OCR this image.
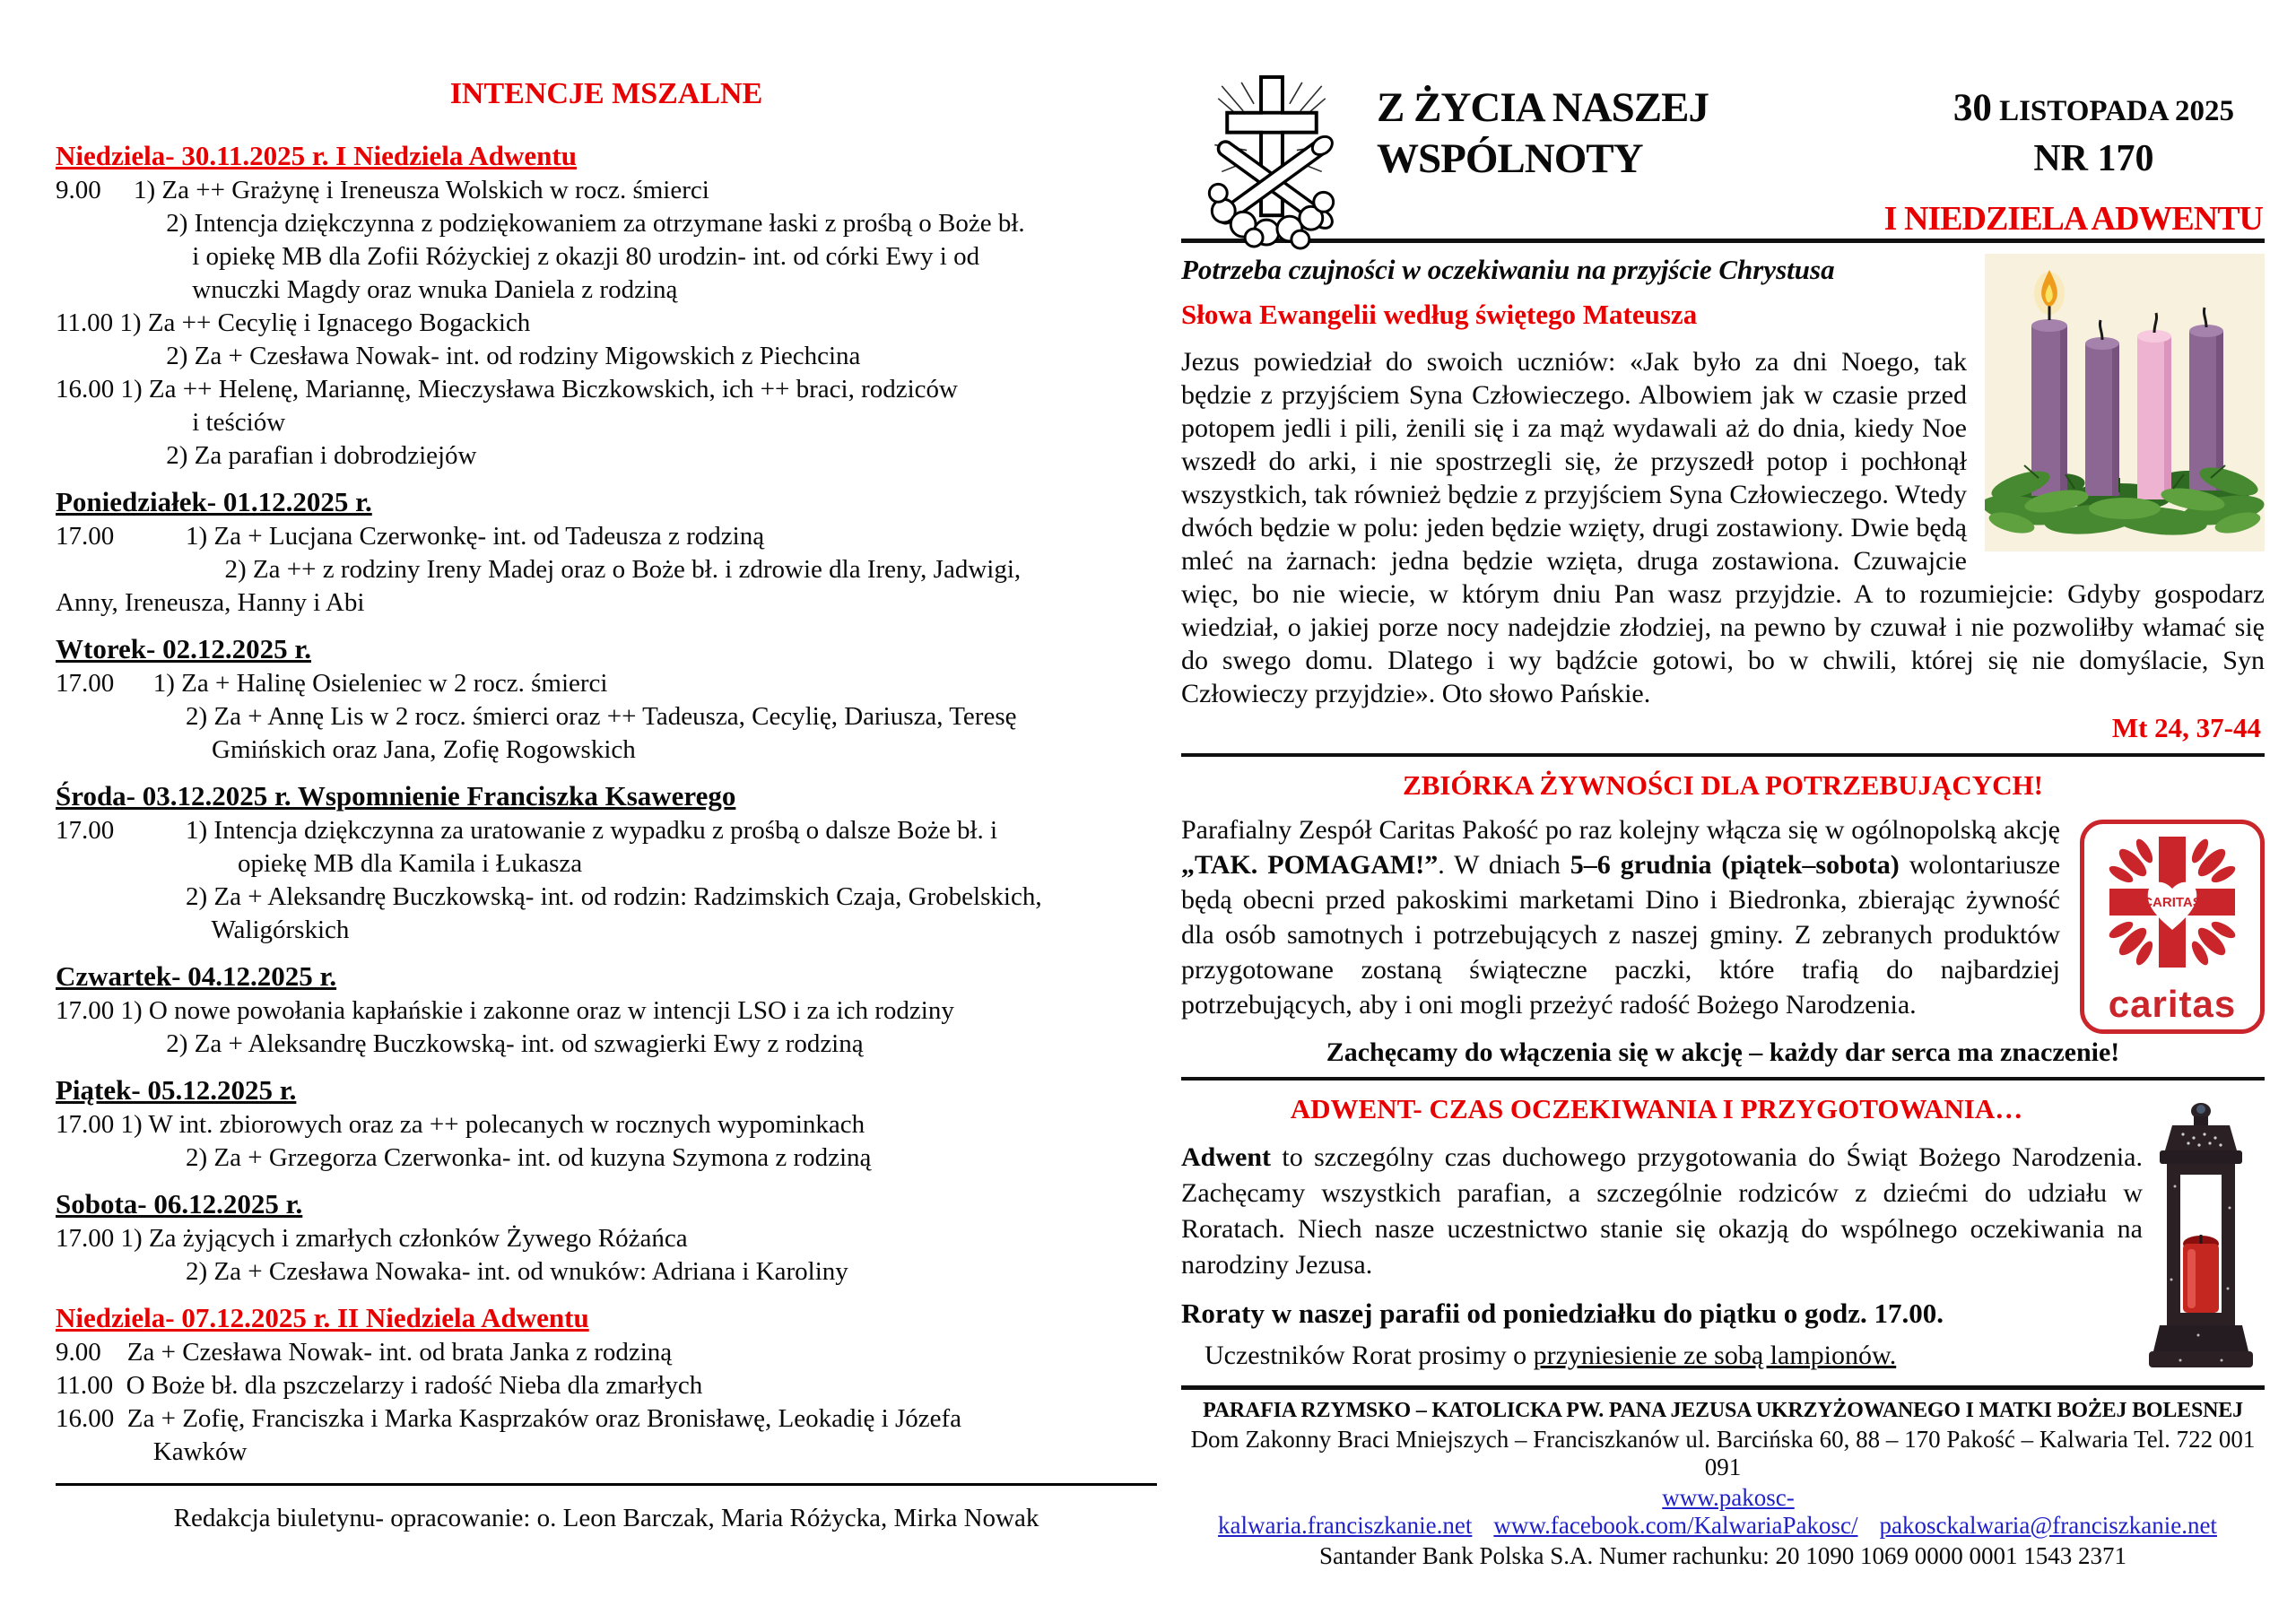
INTENCJE MSZALNE
Niedziela- 30.11.2025 r. I Niedziela Adwentu
9.00     1) Za ++ Grażynę i Ireneusza Wolskich w rocz. śmierci
2) Intencja dziękczynna z podziękowaniem za otrzymane łaski z prośbą o Boże bł.
i opiekę MB dla Zofii Różyckiej z okazji 80 urodzin- int. od córki Ewy i od
wnuczki Magdy oraz wnuka Daniela z rodziną
11.00 1) Za ++ Cecylię i Ignacego Bogackich
2) Za + Czesława Nowak- int. od rodziny Migowskich z Piechcina
16.00 1) Za ++ Helenę, Mariannę, Mieczysława Biczkowskich, ich ++ braci, rodziców
i teściów
2) Za parafian i dobrodziejów
Poniedziałek- 01.12.2025 r.
17.00           1) Za + Lucjana Czerwonkę- int. od Tadeusza z rodziną
2) Za ++ z rodziny Ireny Madej oraz o Boże bł. i zdrowie dla Ireny, Jadwigi,
Anny, Ireneusza, Hanny i Abi
Wtorek- 02.12.2025 r.
17.00      1) Za + Halinę Osieleniec w 2 rocz. śmierci
2) Za + Annę Lis w 2 rocz. śmierci oraz ++ Tadeusza, Cecylię, Dariusza, Teresę
Gmińskich oraz Jana, Zofię Rogowskich
Środa- 03.12.2025 r. Wspomnienie Franciszka Ksawerego
17.00           1) Intencja dziękczynna za uratowanie z wypadku z prośbą o dalsze Boże bł. i
opiekę MB dla Kamila i Łukasza
2) Za + Aleksandrę Buczkowską- int. od rodzin: Radzimskich Czaja, Grobelskich,
Waligórskich
Czwartek- 04.12.2025 r.
17.00 1) O nowe powołania kapłańskie i zakonne oraz w intencji LSO i za ich rodziny
2) Za + Aleksandrę Buczkowską- int. od szwagierki Ewy z rodziną
Piątek- 05.12.2025 r.
17.00 1) W int. zbiorowych oraz za ++ polecanych w rocznych wypominkach
2) Za + Grzegorza Czerwonka- int. od kuzyna Szymona z rodziną
Sobota- 06.12.2025 r.
17.00 1) Za żyjących i zmarłych członków Żywego Różańca
2) Za + Czesława Nowaka- int. od wnuków: Adriana i Karoliny
Niedziela- 07.12.2025 r. II Niedziela Adwentu
9.00    Za + Czesława Nowak- int. od brata Janka z rodziną
11.00  O Boże bł. dla pszczelarzy i radość Nieba dla zmarłych
16.00  Za + Zofię, Franciszka i Marka Kasprzaków oraz Bronisławę, Leokadię i Józefa
Kawków
Redakcja biuletynu- opracowanie: o. Leon Barczak, Maria Różycka, Mirka Nowak
Z ŻYCIA NASZEJ
WSPÓLNOTY
30 LISTOPADA 2025
NR 170
I NIEDZIELA ADWENTU
Potrzeba czujności w oczekiwaniu na przyjście Chrystusa
Słowa Ewangelii według świętego Mateusza
Jezus powiedział do swoich uczniów: «Jak było za dni Noego, tak będzie z przyjściem Syna Człowieczego. Albowiem jak w czasie przed potopem jedli i pili, żenili się i za mąż wydawali aż do dnia, kiedy Noe wszedł do arki, i nie spostrzegli się, że przyszedł potop i pochłonął wszystkich, tak również będzie z przyjściem Syna Człowieczego. Wtedy dwóch będzie w polu: jeden będzie wzięty, drugi zostawiony. Dwie będą mleć na żarnach: jedna będzie wzięta, druga zostawiona. Czuwajcie więc, bo nie wiecie, w którym dniu Pan wasz przyjdzie. A to rozumiejcie: Gdyby gospodarz wiedział, o jakiej porze nocy nadejdzie złodziej, na pewno by czuwał i nie pozwoliłby włamać się do swego domu. Dlatego i wy bądźcie gotowi, bo w chwili, której się nie domyślacie, Syn Człowieczy przyjdzie». Oto słowo Pańskie.
Mt 24, 37-44
ZBIÓRKA ŻYWNOŚCI DLA POTRZEBUJĄCYCH!
CARITAS
caritas
Parafialny Zespół Caritas Pakość po raz kolejny włącza się w ogólnopolską akcję „TAK. POMAGAM!”. W dniach 5–6 grudnia (piątek–sobota) wolontariusze będą obecni przed pakoskimi marketami Dino i Biedronka, zbierając żywność dla osób samotnych i potrzebujących z naszej gminy. Z zebranych produktów przygotowane zostaną świąteczne paczki, które trafią do najbardziej potrzebujących, aby i oni mogli przeżyć radość Bożego Narodzenia.
Zachęcamy do włączenia się w akcję – każdy dar serca ma znaczenie!
ADWENT- CZAS OCZEKIWANIA I PRZYGOTOWANIA…
Adwent to szczególny czas duchowego przygotowania do Świąt Bożego Narodzenia. Zachęcamy wszystkich parafian, a szczególnie rodziców z dziećmi do udziału w Roratach. Niech nasze uczestnictwo stanie się okazją do wspólnego oczekiwania na narodziny Jezusa.
Roraty w naszej parafii od poniedziałku do piątku o godz. 17.00.
Uczestników Rorat prosimy o przyniesienie ze sobą lampionów.
PARAFIA RZYMSKO – KATOLICKA PW. PANA JEZUSA UKRZYŻOWANEGO I MATKI BOŻEJ BOLESNEJ
Dom Zakonny Braci Mniejszych – Franciszkanów ul. Barcińska 60, 88 – 170 Pakość – Kalwaria Tel. 722 001 091
www.pakosc-kalwaria.franciszkanie.net www.facebook.com/KalwariaPakosc/ pakosckalwaria@franciszkanie.net
Santander Bank Polska S.A. Numer rachunku: 20 1090 1069 0000 0001 1543 2371
